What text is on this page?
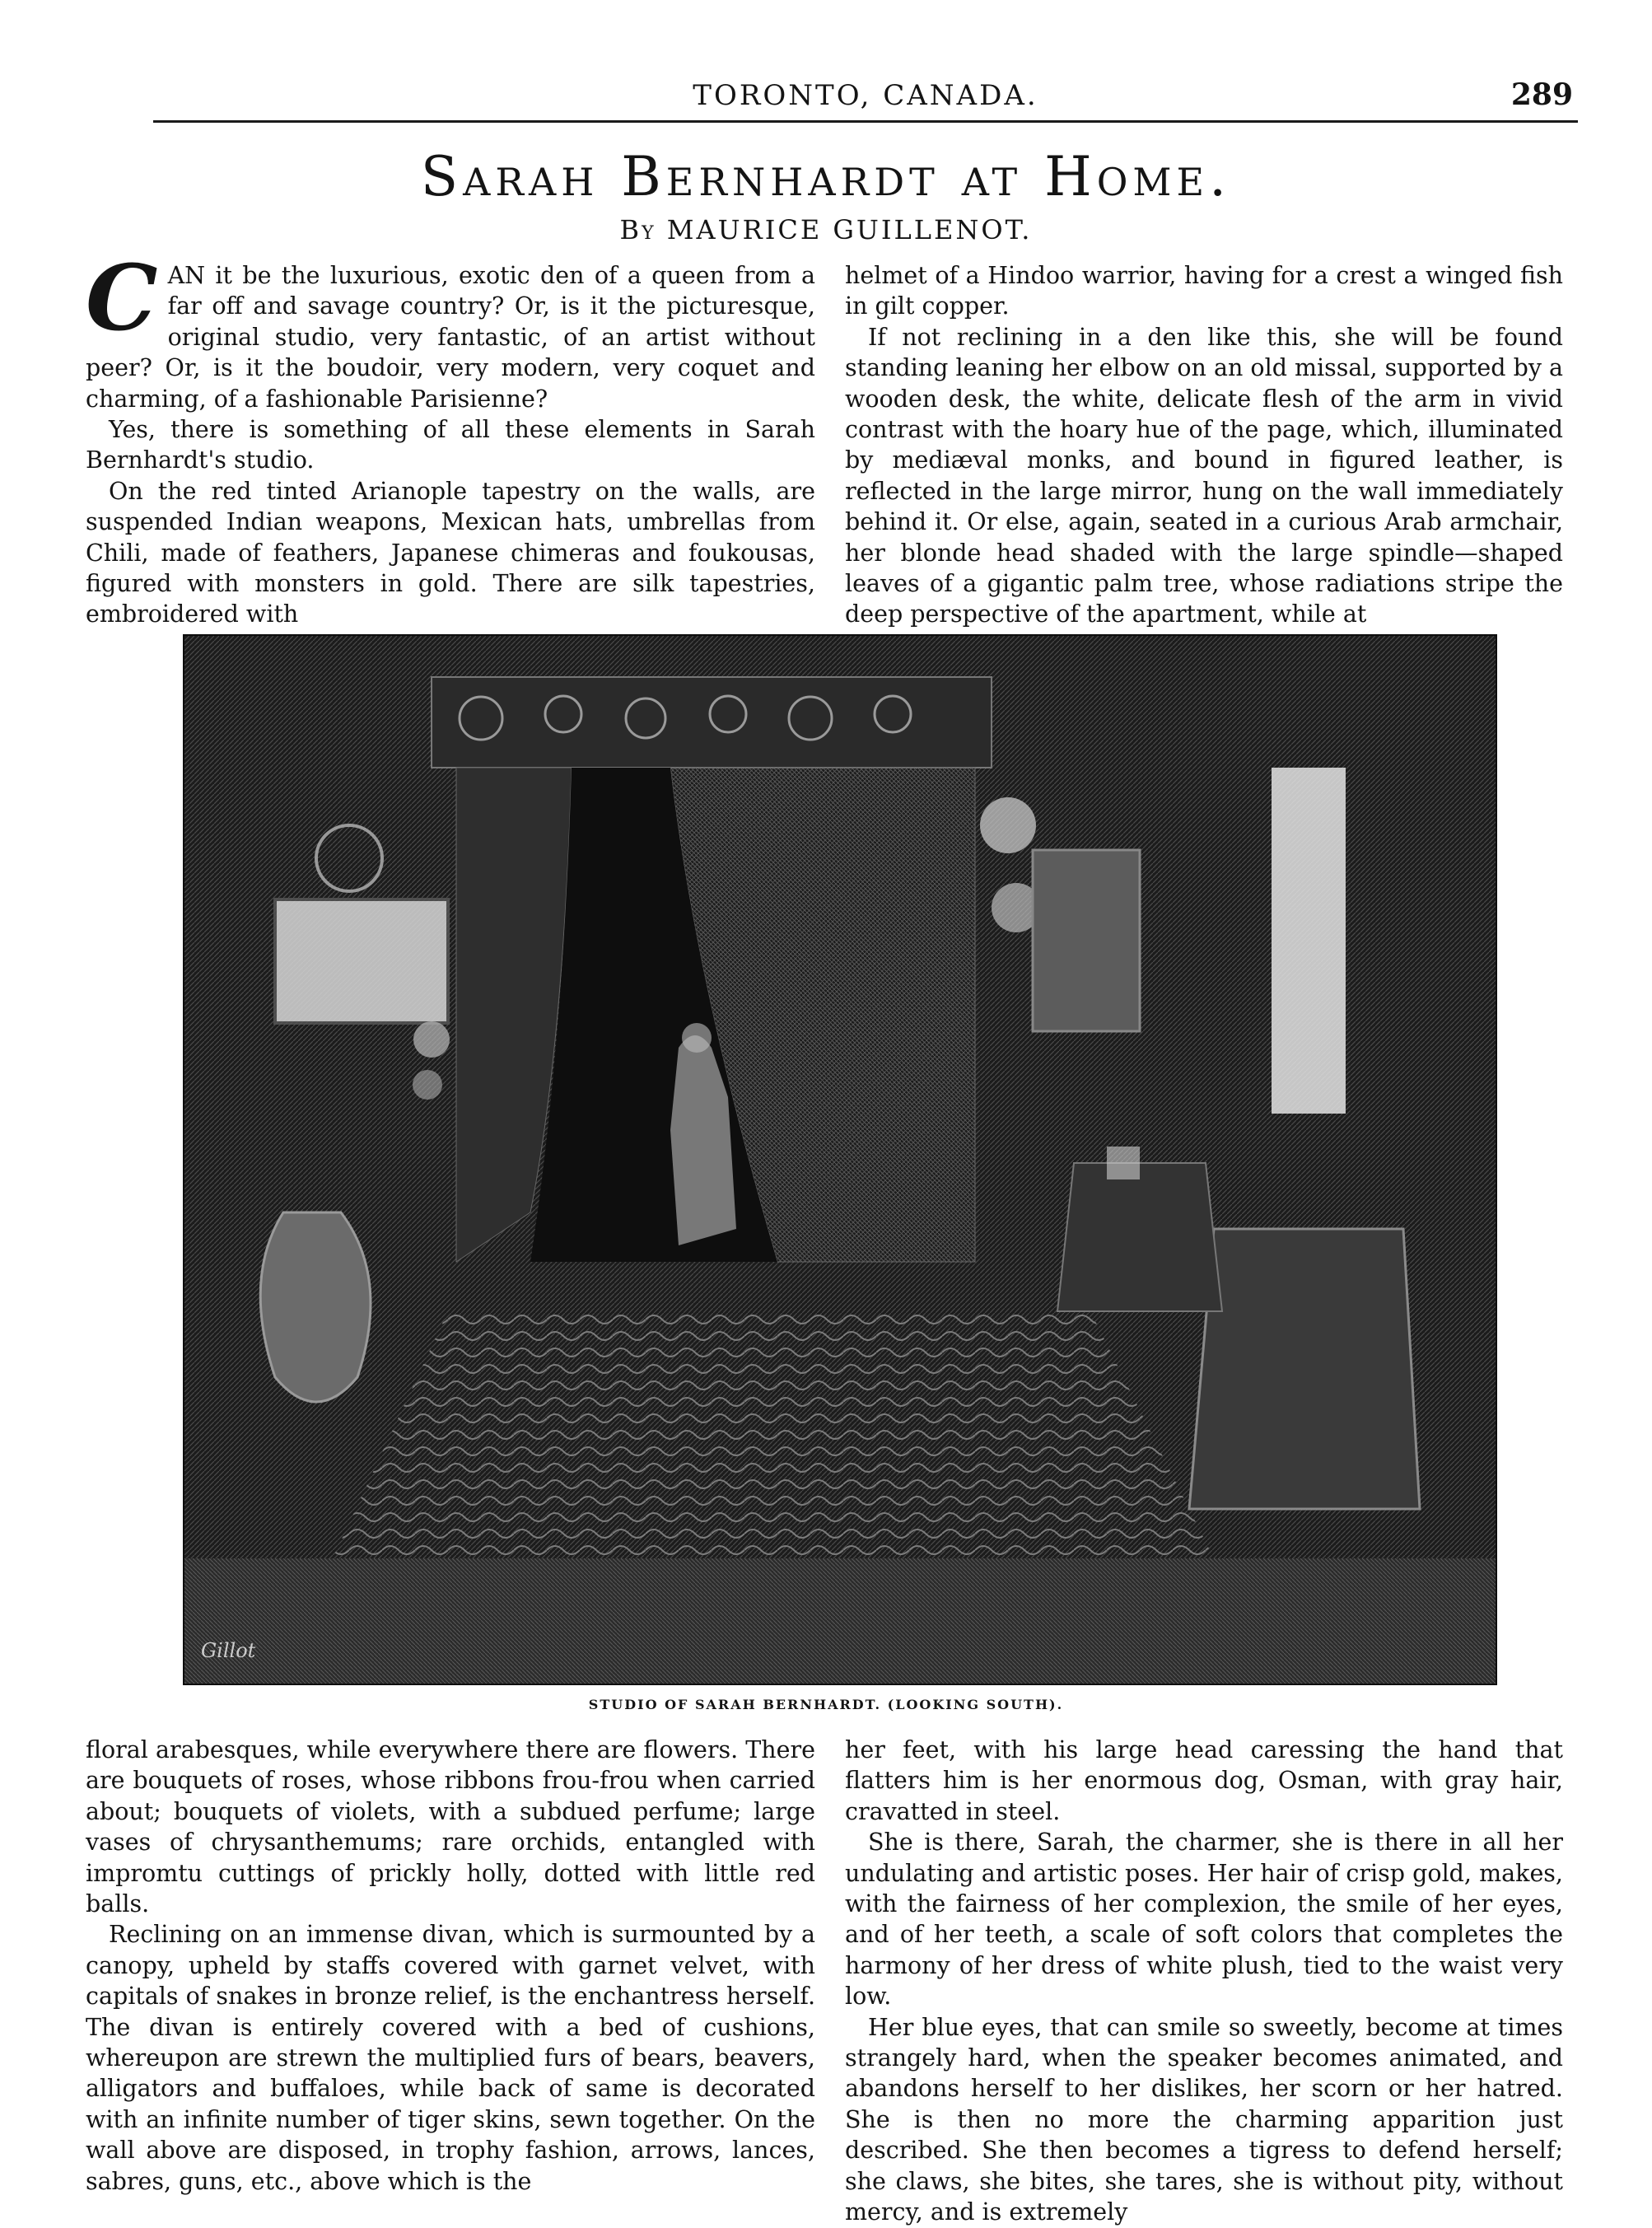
TORONTO, CANADA.	289
Sarah Bernhardt at Home.
By MAURICE GUILLENOT.

CAN it be the luxurious, exotic den of a queen from a far off and savage country? Or, is it the picturesque, original studio, very fantastic, of an artist without peer? Or, is it the boudoir, very modern, very coquet and charming, of a fashionable Parisienne?

Yes, there is something of all these elements in Sarah Bernhardt's studio.

On the red tinted Arianople tapestry on the walls, are suspended Indian weapons, Mexican hats, umbrellas from Chili, made of feathers, Japanese chimeras and foukousas, figured with monsters in gold. There are silk tapestries, embroidered with

helmet of a Hindoo warrior, having for a crest a winged fish in gilt copper.

If not reclining in a den like this, she will be found standing leaning her elbow on an old missal, supported by a wooden desk, the white, delicate flesh of the arm in vivid contrast with the hoary hue of the page, which, illuminated by mediæval monks, and bound in figured leather, is reflected in the large mirror, hung on the wall immediately behind it. Or else, again, seated in a curious Arab armchair, her blonde head shaded with the large spindle—shaped leaves of a gigantic palm tree, whose radiations stripe the deep perspective of the apartment, while at

Gillot
STUDIO OF SARAH BERNHARDT. (LOOKING SOUTH).

floral arabesques, while everywhere there are flowers. There are bouquets of roses, whose ribbons frou-frou when carried about; bouquets of violets, with a subdued perfume; large vases of chrysanthemums; rare orchids, entangled with impromtu cuttings of prickly holly, dotted with little red balls.

Reclining on an immense divan, which is surmounted by a canopy, upheld by staffs covered with garnet velvet, with capitals of snakes in bronze relief, is the enchantress herself. The divan is entirely covered with a bed of cushions, whereupon are strewn the multiplied furs of bears, beavers, alligators and buffaloes, while back of same is decorated with an infinite number of tiger skins, sewn together. On the wall above are disposed, in trophy fashion, arrows, lances, sabres, guns, etc., above which is the

her feet, with his large head caressing the hand that flatters him is her enormous dog, Osman, with gray hair, cravatted in steel.

She is there, Sarah, the charmer, she is there in all her undulating and artistic poses. Her hair of crisp gold, makes, with the fairness of her complexion, the smile of her eyes, and of her teeth, a scale of soft colors that completes the harmony of her dress of white plush, tied to the waist very low.

Her blue eyes, that can smile so sweetly, become at times strangely hard, when the speaker becomes animated, and abandons herself to her dislikes, her scorn or her hatred. She is then no more the charming apparition just described. She then becomes a tigress to defend herself; she claws, she bites, she tares, she is without pity, without mercy, and is extremely
